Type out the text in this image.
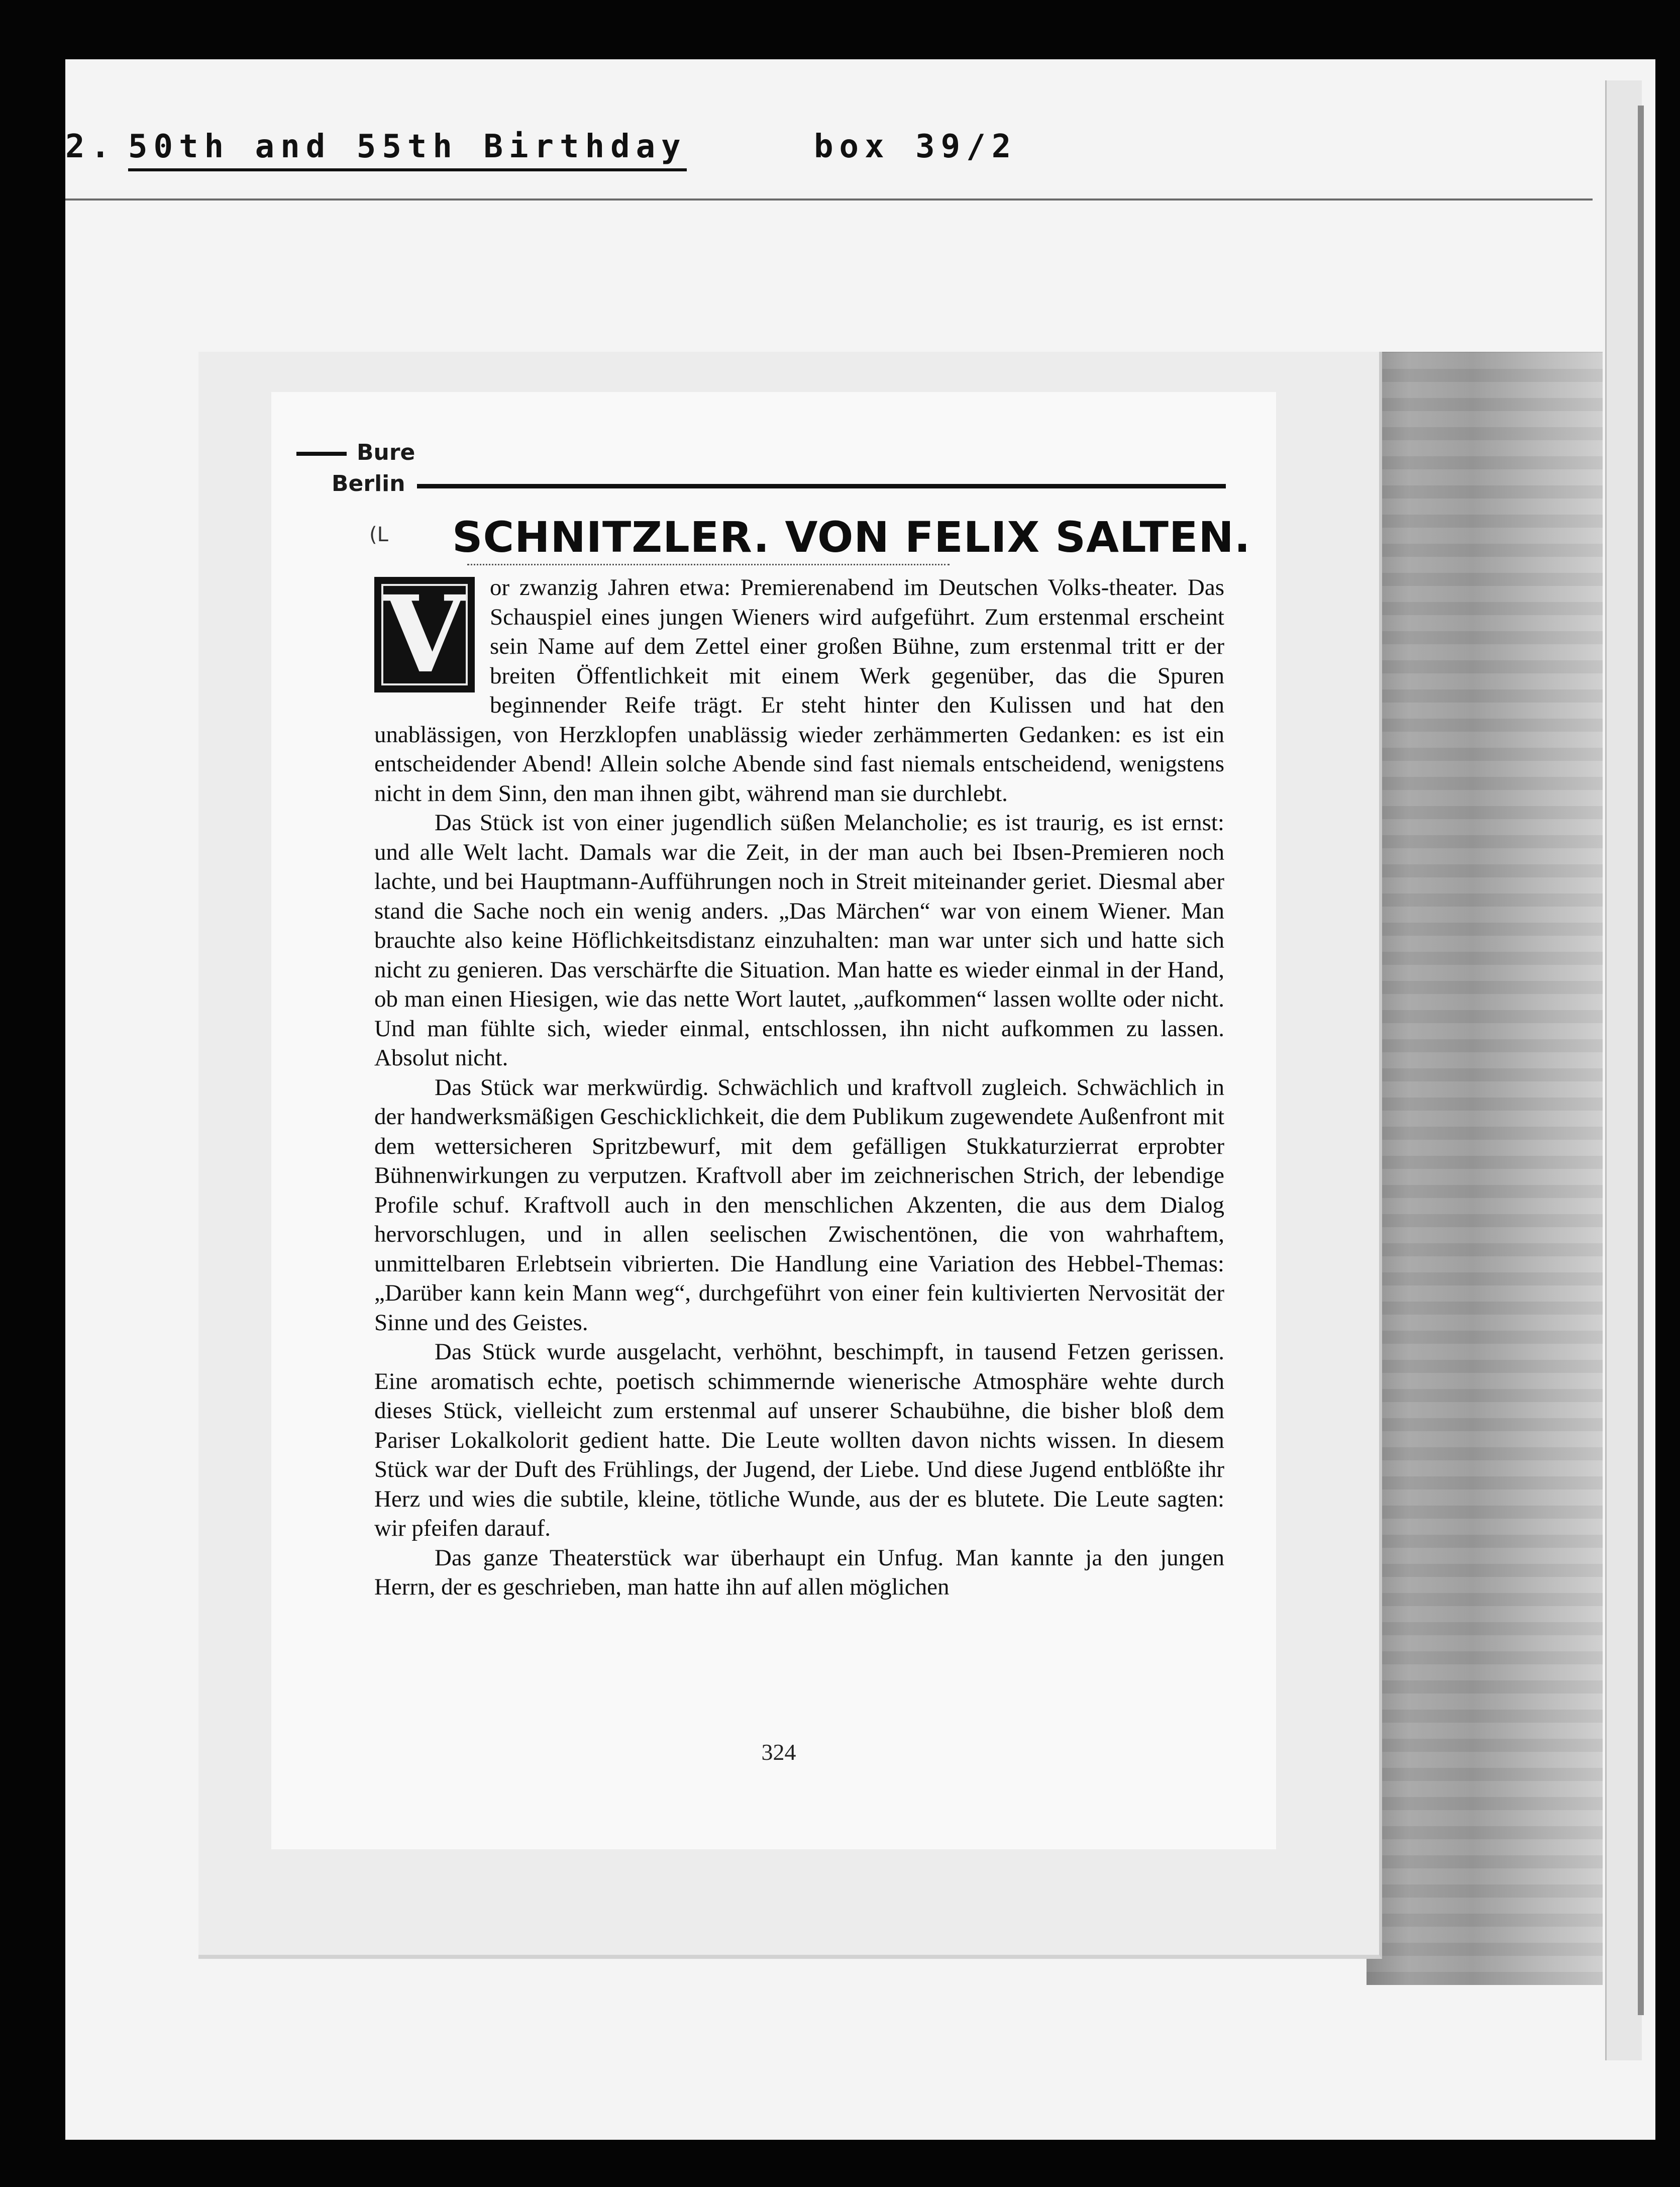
2. 50th and 55th Birthday	box 39/2
Bure
Berlin
(L SCHNITZLER. VON FELIX SALTEN.

V	or zwanzig Jahren etwa: Premierenabend im Deutschen Volks-theater. Das Schauspiel eines jungen Wieners wird aufgeführt. Zum erstenmal erscheint sein Name auf dem Zettel einer großen Bühne, zum erstenmal tritt er der breiten Öffentlichkeit mit einem Werk gegenüber, das die Spuren beginnender Reife trägt. Er steht hinter den Kulissen und hat den unablässigen, von Herzklopfen unablässig wieder zerhämmerten Gedanken: es ist ein entscheidender Abend! Allein solche Abende sind fast niemals entscheidend, wenigstens nicht in dem Sinn, den man ihnen gibt, während man sie durchlebt.

Das Stück ist von einer jugendlich süßen Melancholie; es ist traurig, es ist ernst: und alle Welt lacht. Damals war die Zeit, in der man auch bei Ibsen-Premieren noch lachte, und bei Hauptmann-Aufführungen noch in Streit miteinander geriet. Diesmal aber stand die Sache noch ein wenig anders. „Das Märchen“ war von einem Wiener. Man brauchte also keine Höflichkeitsdistanz einzuhalten: man war unter sich und hatte sich nicht zu genieren. Das verschärfte die Situation. Man hatte es wieder einmal in der Hand, ob man einen Hiesigen, wie das nette Wort lautet, „aufkommen“ lassen wollte oder nicht. Und man fühlte sich, wieder einmal, entschlossen, ihn nicht aufkommen zu lassen. Absolut nicht.

Das Stück war merkwürdig. Schwächlich und kraftvoll zugleich. Schwächlich in der handwerksmäßigen Geschicklichkeit, die dem Publikum zugewendete Außenfront mit dem wettersicheren Spritzbewurf, mit dem gefälligen Stukkaturzierrat erprobter Bühnenwirkungen zu verputzen. Kraftvoll aber im zeichnerischen Strich, der lebendige Profile schuf. Kraftvoll auch in den menschlichen Akzenten, die aus dem Dialog hervorschlugen, und in allen seelischen Zwischentönen, die von wahrhaftem, unmittelbaren Erlebtsein vibrierten. Die Handlung eine Variation des Hebbel-Themas: „Darüber kann kein Mann weg“, durchgeführt von einer fein kultivierten Nervosität der Sinne und des Geistes.

Das Stück wurde ausgelacht, verhöhnt, beschimpft, in tausend Fetzen gerissen. Eine aromatisch echte, poetisch schimmernde wienerische Atmosphäre wehte durch dieses Stück, vielleicht zum erstenmal auf unserer Schaubühne, die bisher bloß dem Pariser Lokalkolorit gedient hatte. Die Leute wollten davon nichts wissen. In diesem Stück war der Duft des Frühlings, der Jugend, der Liebe. Und diese Jugend entblößte ihr Herz und wies die subtile, kleine, tötliche Wunde, aus der es blutete. Die Leute sagten: wir pfeifen darauf.

Das ganze Theaterstück war überhaupt ein Unfug. Man kannte ja den jungen Herrn, der es geschrieben, man hatte ihn auf allen möglichen

324
